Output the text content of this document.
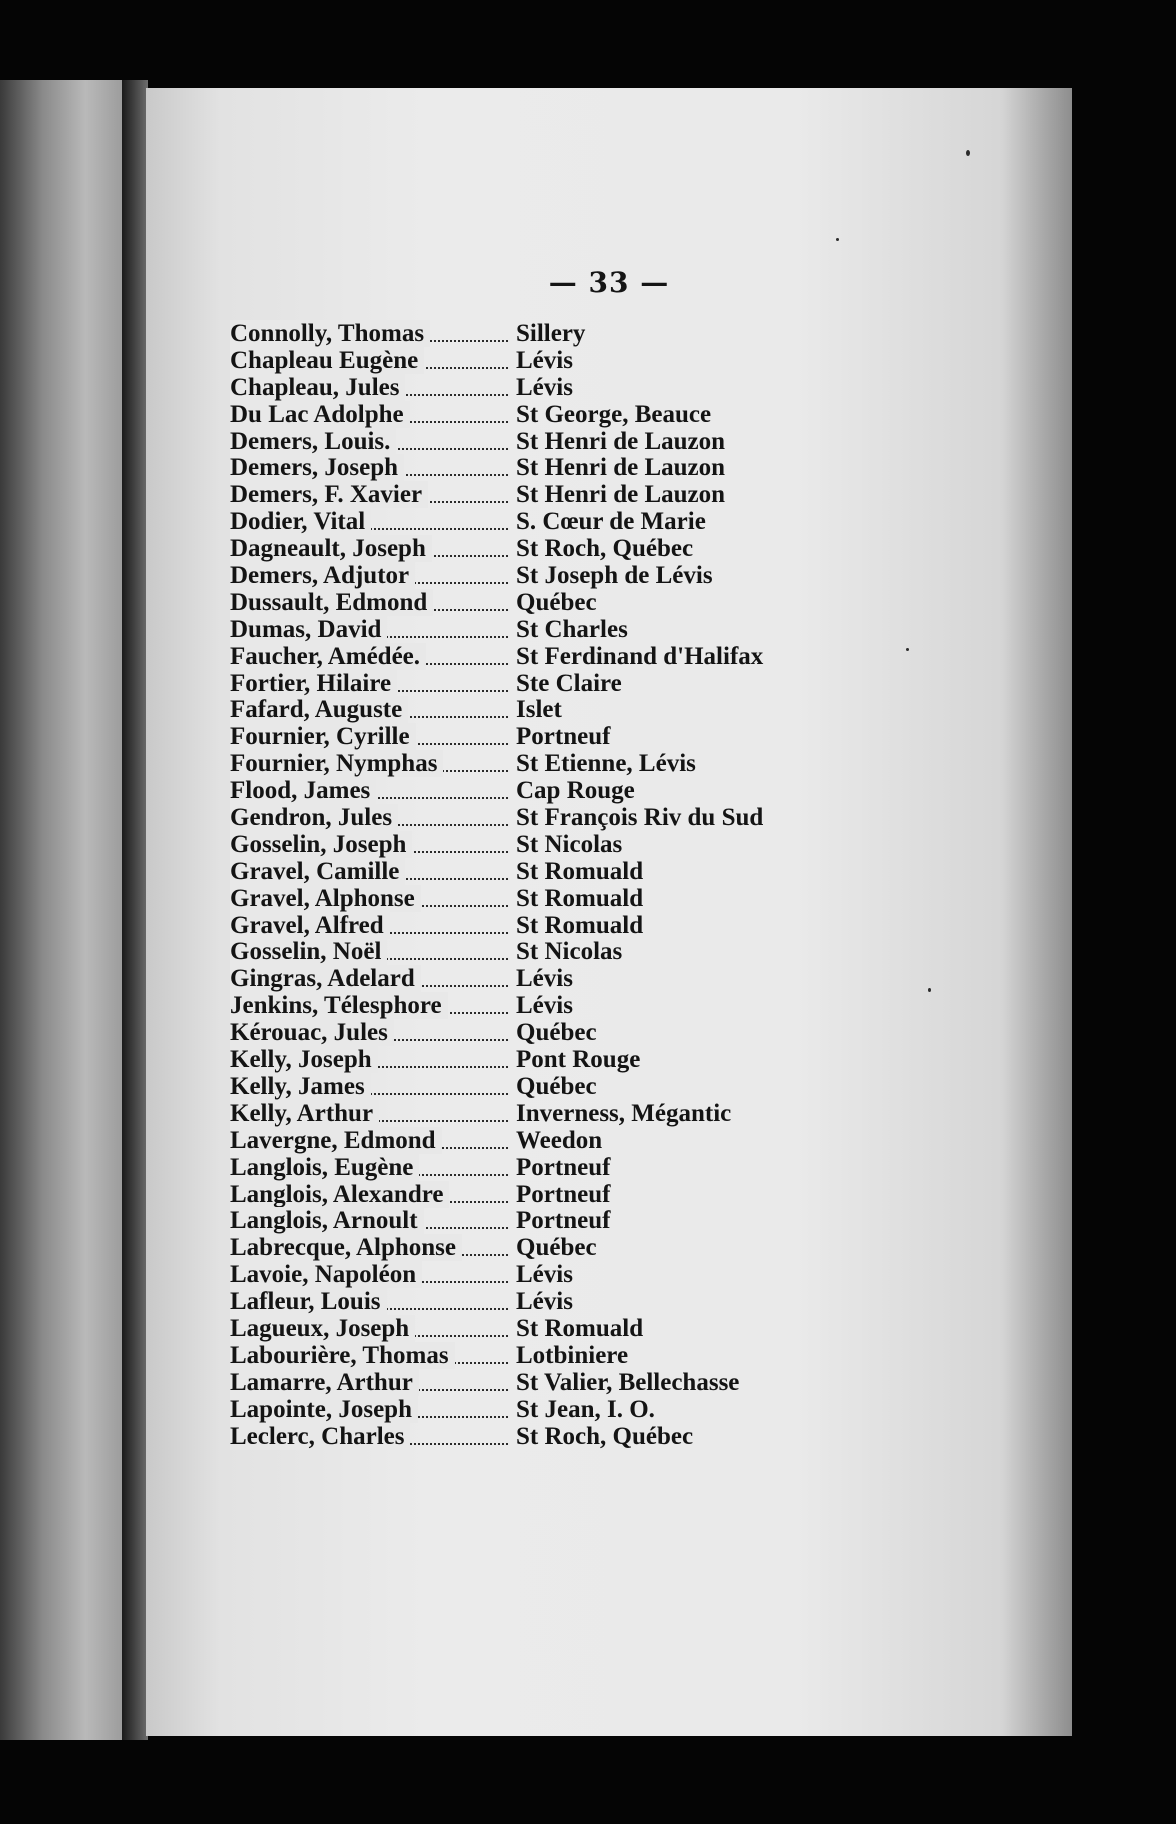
— 33 —
Connolly, Thomas	Sillery
Chapleau Eugène	Lévis
Chapleau, Jules	Lévis
Du Lac Adolphe	St George, Beauce
Demers, Louis.	St Henri de Lauzon
Demers, Joseph	St Henri de Lauzon
Demers, F. Xavier	St Henri de Lauzon
Dodier, Vital	S. Cœur de Marie
Dagneault, Joseph	St Roch, Québec
Demers, Adjutor	St Joseph de Lévis
Dussault, Edmond	Québec
Dumas, David	St Charles
Faucher, Amédée.	St Ferdinand d'Halifax
Fortier, Hilaire	Ste Claire
Fafard, Auguste	Islet
Fournier, Cyrille	Portneuf
Fournier, Nymphas	St Etienne, Lévis
Flood, James	Cap Rouge
Gendron, Jules	St François Riv du Sud
Gosselin, Joseph	St Nicolas
Gravel, Camille	St Romuald
Gravel, Alphonse	St Romuald
Gravel, Alfred	St Romuald
Gosselin, Noël	St Nicolas
Gingras, Adelard	Lévis
Jenkins, Télesphore	Lévis
Kérouac, Jules	Québec
Kelly, Joseph	Pont Rouge
Kelly, James	Québec
Kelly, Arthur	Inverness, Mégantic
Lavergne, Edmond	Weedon
Langlois, Eugène	Portneuf
Langlois, Alexandre	Portneuf
Langlois, Arnoult	Portneuf
Labrecque, Alphonse	Québec
Lavoie, Napoléon	Lévis
Lafleur, Louis	Lévis
Lagueux, Joseph	St Romuald
Labourière, Thomas	Lotbiniere
Lamarre, Arthur	St Valier, Bellechasse
Lapointe, Joseph	St Jean, I. O.
Leclerc, Charles	St Roch, Québec
